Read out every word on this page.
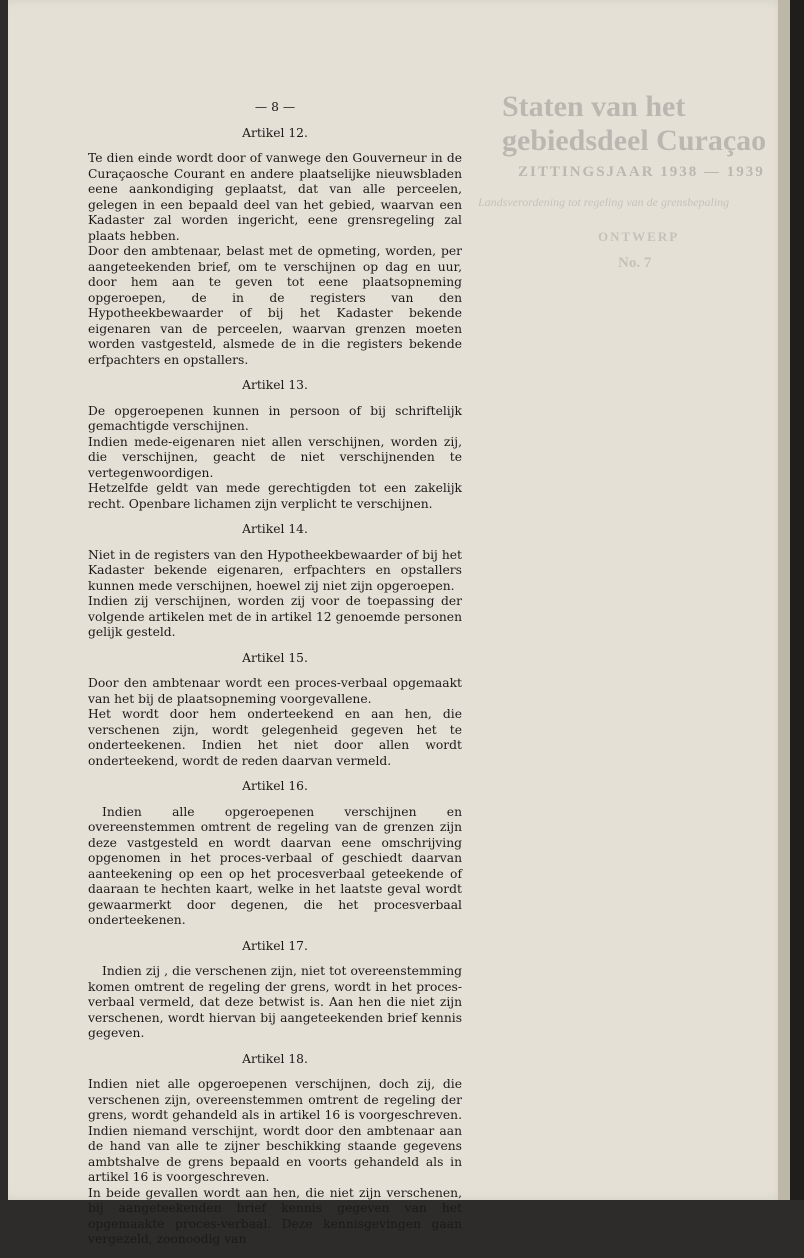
Staten van het gebiedsdeel Curaçao
ZITTINGSJAAR 1938 — 1939
Landsverordening tot regeling van de grensbepaling
ONTWERP
No. 7
— 8 —
Artikel 12.

Te dien einde wordt door of vanwege den Gouverneur in de Curaçaosche Courant en andere plaatselijke nieuwsbladen eene aankondiging geplaatst, dat van alle perceelen, gelegen in een bepaald deel van het gebied, waarvan een Kadaster zal worden ingericht, eene grensregeling zal plaats hebben.

Door den ambtenaar, belast met de opmeting, worden, per aangeteekenden brief, om te verschijnen op dag en uur, door hem aan te geven tot eene plaatsopneming opgeroepen, de in de registers van den Hypotheekbewaarder of bij het Kadaster bekende eigenaren van de perceelen, waarvan grenzen moeten worden vastgesteld, alsmede de in die registers bekende erfpachters en opstallers.

Artikel 13.

De opgeroepenen kunnen in persoon of bij schriftelijk gemachtigde verschijnen.

Indien mede-eigenaren niet allen verschijnen, worden zij, die verschijnen, geacht de niet verschijnenden te vertegenwoordigen.

Hetzelfde geldt van mede gerechtigden tot een zakelijk recht. Openbare lichamen zijn verplicht te verschijnen.

Artikel 14.

Niet in de registers van den Hypotheekbewaarder of bij het Kadaster bekende eigenaren, erfpachters en opstallers kunnen mede verschijnen, hoewel zij niet zijn opgeroepen.

Indien zij verschijnen, worden zij voor de toepassing der volgende artikelen met de in artikel 12 genoemde personen gelijk gesteld.

Artikel 15.

Door den ambtenaar wordt een proces-verbaal opgemaakt van het bij de plaatsopneming voorgevallene.

Het wordt door hem onderteekend en aan hen, die verschenen zijn, wordt gelegenheid gegeven het te onderteekenen. Indien het niet door allen wordt onderteekend, wordt de reden daarvan vermeld.

Artikel 16.

Indien alle opgeroepenen verschijnen en overeenstemmen omtrent de regeling van de grenzen zijn deze vastgesteld en wordt daarvan eene omschrijving opgenomen in het proces-verbaal of geschiedt daarvan aanteekening op een op het procesverbaal geteekende of daaraan te hechten kaart, welke in het laatste geval wordt gewaarmerkt door degenen, die het procesverbaal onderteekenen.

Artikel 17.

Indien zij , die verschenen zijn, niet tot overeenstemming komen omtrent de regeling der grens, wordt in het proces-verbaal vermeld, dat deze betwist is. Aan hen die niet zijn verschenen, wordt hiervan bij aangeteekenden brief kennis gegeven.

Artikel 18.

Indien niet alle opgeroepenen verschijnen, doch zij, die verschenen zijn, overeenstemmen omtrent de regeling der grens, wordt gehandeld als in artikel 16 is voorgeschreven. Indien niemand verschijnt, wordt door den ambtenaar aan de hand van alle te zijner beschikking staande gegevens ambtshalve de grens bepaald en voorts gehandeld als in artikel 16 is voorgeschreven.

In beide gevallen wordt aan hen, die niet zijn verschenen, bij aangeteekenden brief kennis gegeven van het opgemaakte proces-verbaal. Deze kennisgevingen gaan vergezeld, zoonoodig van
